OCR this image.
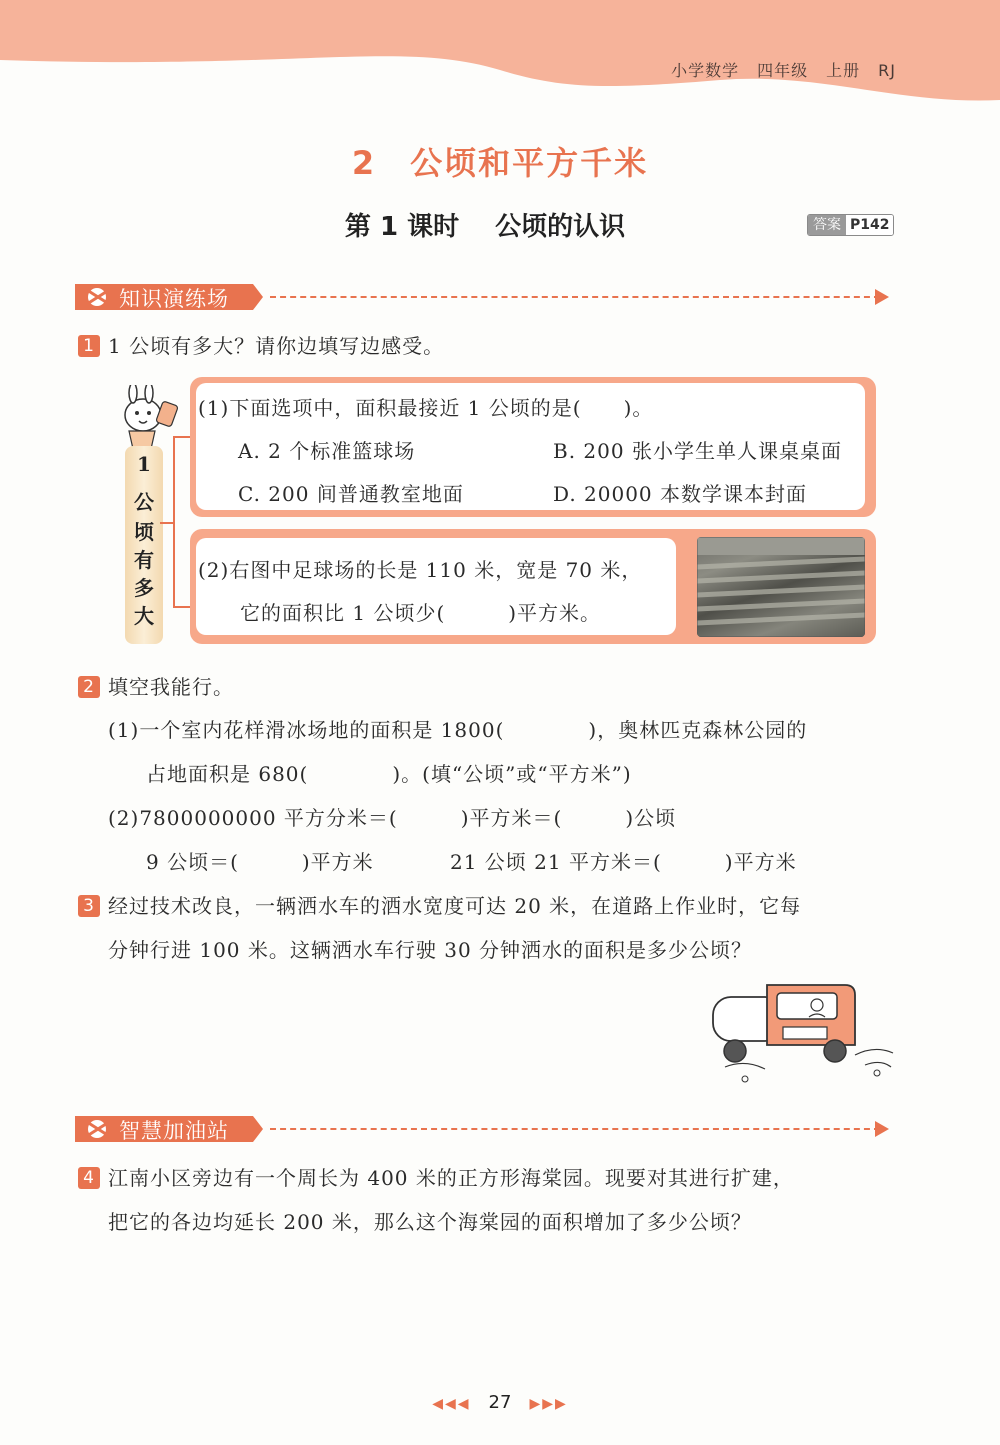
小学数学 四年级 上册 RJ
2 公顷和平方千米
第 1 课时 公顷的认识	答案 P142
知识演练场
1 1 公顷有多大？请你边填写边感受。
1
公
顷
有
多
大
(1)下面选项中，面积最接近 1 公顷的是(　　)。
A. 2 个标准篮球场	B. 200 张小学生单人课桌桌面
C. 200 间普通教室地面	D. 20000 本数学课本封面
(2)右图中足球场的长是 110 米，宽是 70 米，
它的面积比 1 公顷少(　　　)平方米。
2 填空我能行。
(1)一个室内花样滑冰场地的面积是 1800(　　　　)，奥林匹克森林公园的
占地面积是 680(　　　　)。(填“公顷”或“平方米”)
(2)7800000000 平方分米＝(　　　)平方米＝(　　　)公顷
9 公顷＝(　　　)平方米	21 公顷 21 平方米＝(　　　)平方米
3 经过技术改良，一辆洒水车的洒水宽度可达 20 米，在道路上作业时，它每
分钟行进 100 米。这辆洒水车行驶 30 分钟洒水的面积是多少公顷？
智慧加油站
4 江南小区旁边有一个周长为 400 米的正方形海棠园。现要对其进行扩建，
把它的各边均延长 200 米，那么这个海棠园的面积增加了多少公顷？
◀◀◀ 27 ▶▶▶
